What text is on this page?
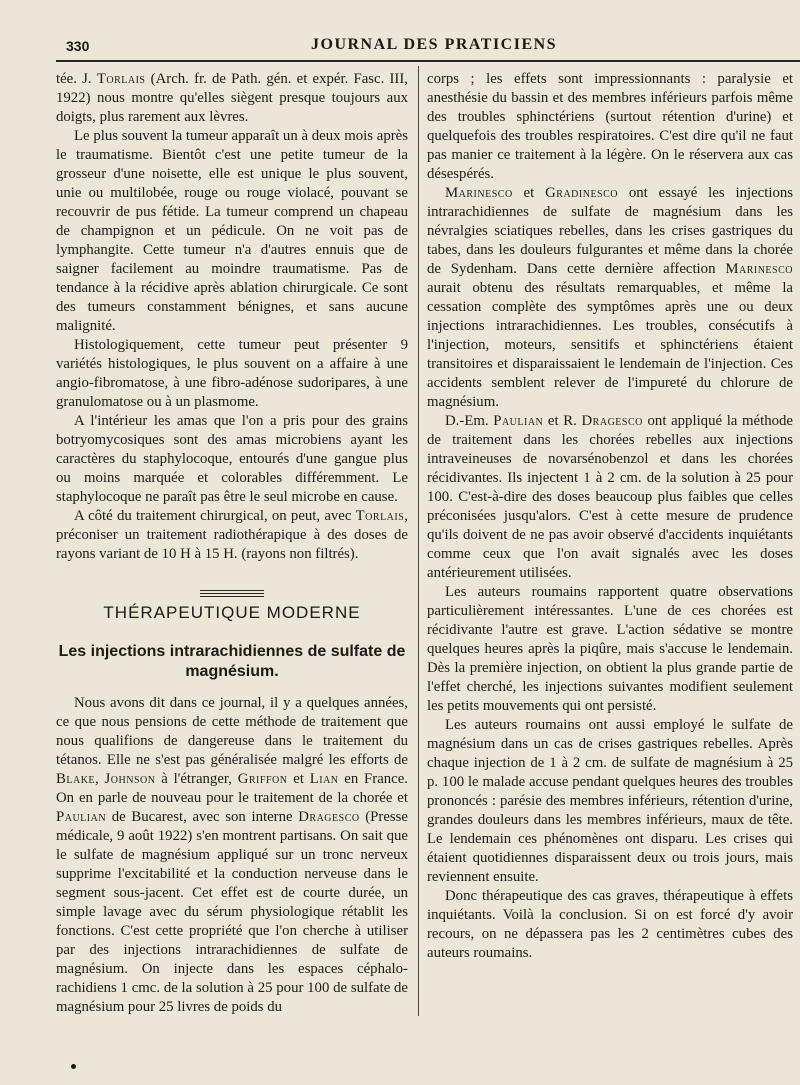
330	JOURNAL DES PRATICIENS

tée. J. Torlais (Arch. fr. de Path. gén. et expér. Fasc. III, 1922) nous montre qu'elles siègent presque toujours aux doigts, plus rarement aux lèvres.

Le plus souvent la tumeur apparaît un à deux mois après le traumatisme. Bientôt c'est une petite tumeur de la grosseur d'une noisette, elle est unique le plus souvent, unie ou multilobée, rouge ou rouge violacé, pouvant se recouvrir de pus fétide. La tumeur comprend un chapeau de champignon et un pédicule. On ne voit pas de lymphangite. Cette tumeur n'a d'autres ennuis que de saigner facilement au moindre traumatisme. Pas de tendance à la récidive après ablation chirurgicale. Ce sont des tumeurs constamment bénignes, et sans aucune malignité.

Histologiquement, cette tumeur peut présenter 9 variétés histologiques, le plus souvent on a affaire à une angio-fibromatose, à une fibro-adénose sudoripares, à une granulomatose ou à un plasmome.

A l'intérieur les amas que l'on a pris pour des grains botryomycosiques sont des amas microbiens ayant les caractères du staphylocoque, entourés d'une gangue plus ou moins marquée et colorables différemment. Le staphylocoque ne paraît pas être le seul microbe en cause.

A côté du traitement chirurgical, on peut, avec Torlais, préconiser un traitement radiothérapique à des doses de rayons variant de 10 H à 15 H. (rayons non filtrés).

THÉRAPEUTIQUE MODERNE
Les injections intrarachidiennes de sulfate de magnésium.

Nous avons dit dans ce journal, il y a quelques années, ce que nous pensions de cette méthode de traitement que nous qualifions de dangereuse dans le traitement du tétanos. Elle ne s'est pas généralisée malgré les efforts de Blake, Johnson à l'étranger, Griffon et Lian en France. On en parle de nouveau pour le traitement de la chorée et Paulian de Bucarest, avec son interne Dragesco (Presse médicale, 9 août 1922) s'en montrent partisans. On sait que le sulfate de magnésium appliqué sur un tronc nerveux supprime l'excitabilité et la conduction nerveuse dans le segment sous-jacent. Cet effet est de courte durée, un simple lavage avec du sérum physiologique rétablit les fonctions. C'est cette propriété que l'on cherche à utiliser par des injections intrarachidiennes de sulfate de magnésium. On injecte dans les espaces céphalo-rachidiens 1 cmc. de la solution à 25 pour 100 de sulfate de magnésium pour 25 livres de poids du

corps ; les effets sont impressionnants : paralysie et anesthésie du bassin et des membres inférieurs parfois même des troubles sphinctériens (surtout rétention d'urine) et quelquefois des troubles respiratoires. C'est dire qu'il ne faut pas manier ce traitement à la légère. On le réservera aux cas désespérés.

Marinesco et Gradinesco ont essayé les injections intrarachidiennes de sulfate de magnésium dans les névralgies sciatiques rebelles, dans les crises gastriques du tabes, dans les douleurs fulgurantes et même dans la chorée de Sydenham. Dans cette dernière affection Marinesco aurait obtenu des résultats remarquables, et même la cessation complète des symptômes après une ou deux injections intrarachidiennes. Les troubles, consécutifs à l'injection, moteurs, sensitifs et sphinctériens étaient transitoires et disparaissaient le lendemain de l'injection. Ces accidents semblent relever de l'impureté du chlorure de magnésium.

D.-Em. Paulian et R. Dragesco ont appliqué la méthode de traitement dans les chorées rebelles aux injections intraveineuses de novarsénobenzol et dans les chorées récidivantes. Ils injectent 1 à 2 cm. de la solution à 25 pour 100. C'est-à-dire des doses beaucoup plus faibles que celles préconisées jusqu'alors. C'est à cette mesure de prudence qu'ils doivent de ne pas avoir observé d'accidents inquiétants comme ceux que l'on avait signalés avec les doses antérieurement utilisées.

Les auteurs roumains rapportent quatre observations particulièrement intéressantes. L'une de ces chorées est récidivante l'autre est grave. L'action sédative se montre quelques heures après la piqûre, mais s'accuse le lendemain. Dès la première injection, on obtient la plus grande partie de l'effet cherché, les injections suivantes modifient seulement les petits mouvements qui ont persisté.

Les auteurs roumains ont aussi employé le sulfate de magnésium dans un cas de crises gastriques rebelles. Après chaque injection de 1 à 2 cm. de sulfate de magnésium à 25 p. 100 le malade accuse pendant quelques heures des troubles prononcés : parésie des membres inférieurs, rétention d'urine, grandes douleurs dans les membres inférieurs, maux de tête. Le lendemain ces phénomènes ont disparu. Les crises qui étaient quotidiennes disparaissent deux ou trois jours, mais reviennent ensuite.

Donc thérapeutique des cas graves, thérapeutique à effets inquiétants. Voilà la conclusion. Si on est forcé d'y avoir recours, on ne dépassera pas les 2 centimètres cubes des auteurs roumains.
